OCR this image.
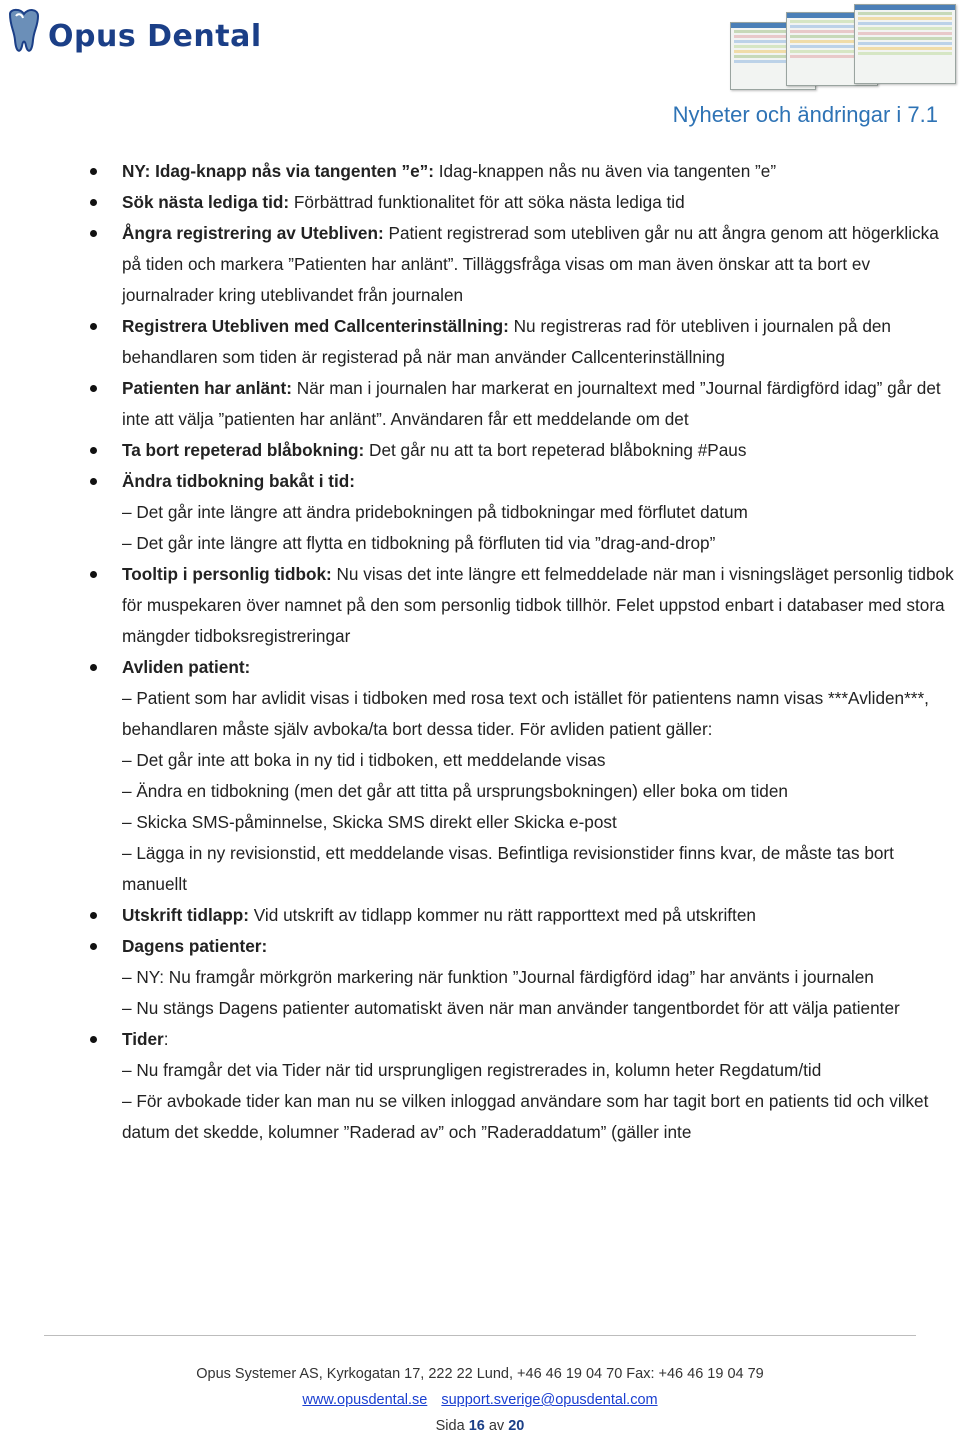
Opus Dental
Nyheter och ändringar i 7.1
NY: Idag-knapp nås via tangenten ”e”: Idag-knappen nås nu även via tangenten ”e”
Sök nästa lediga tid: Förbättrad funktionalitet för att söka nästa lediga tid
Ångra registrering av Utebliven: Patient registrerad som utebliven går nu att ångra genom att högerklicka på tiden och markera ”Patienten har anlänt”. Tilläggsfråga visas om man även önskar att ta bort ev journalrader kring uteblivandet från journalen
Registrera Utebliven med Callcenterinställning: Nu registreras rad för utebliven i journalen på den behandlaren som tiden är registerad på när man använder Callcenterinställning
Patienten har anlänt: När man i journalen har markerat en journaltext med ”Journal färdigförd idag” går det inte att välja ”patienten har anlänt”. Användaren får ett meddelande om det
Ta bort repeterad blåbokning: Det går nu att ta bort repeterad blåbokning #Paus
Ändra tidbokning bakåt i tid:
– Det går inte längre att ändra pridebokningen på tidbokningar med förflutet datum
– Det går inte längre att flytta en tidbokning på förfluten tid via ”drag-and-drop”
Tooltip i personlig tidbok: Nu visas det inte längre ett felmeddelade när man i visningsläget personlig tidbok för muspekaren över namnet på den som personlig tidbok tillhör. Felet uppstod enbart i databaser med stora mängder tidboksregistreringar
Avliden patient:
– Patient som har avlidit visas i tidboken med rosa text och istället för patientens namn visas ***Avliden***, behandlaren måste själv avboka/ta bort dessa tider. För avliden patient gäller:
– Det går inte att boka in ny tid i tidboken, ett meddelande visas
– Ändra en tidbokning (men det går att titta på ursprungsbokningen) eller boka om tiden
– Skicka SMS-påminnelse, Skicka SMS direkt eller Skicka e-post
– Lägga in ny revisionstid, ett meddelande visas. Befintliga revisionstider finns kvar, de måste tas bort manuellt
Utskrift tidlapp: Vid utskrift av tidlapp kommer nu rätt rapporttext med på utskriften
Dagens patienter:
– NY: Nu framgår mörkgrön markering när funktion ”Journal färdigförd idag” har använts i journalen
– Nu stängs Dagens patienter automatiskt även när man använder tangentbordet för att välja patienter
Tider:
– Nu framgår det via Tider när tid ursprungligen registrerades in, kolumn heter Regdatum/tid
– För avbokade tider kan man nu se vilken inloggad användare som har tagit bort en patients tid och vilket datum det skedde, kolumner ”Raderad av” och ”Raderaddatum” (gäller inte
Opus Systemer AS, Kyrkogatan 17, 222 22 Lund, +46 46 19 04 70 Fax: +46 46 19 04 79
www.opusdental.se support.sverige@opusdental.com
Sida 16 av 20
